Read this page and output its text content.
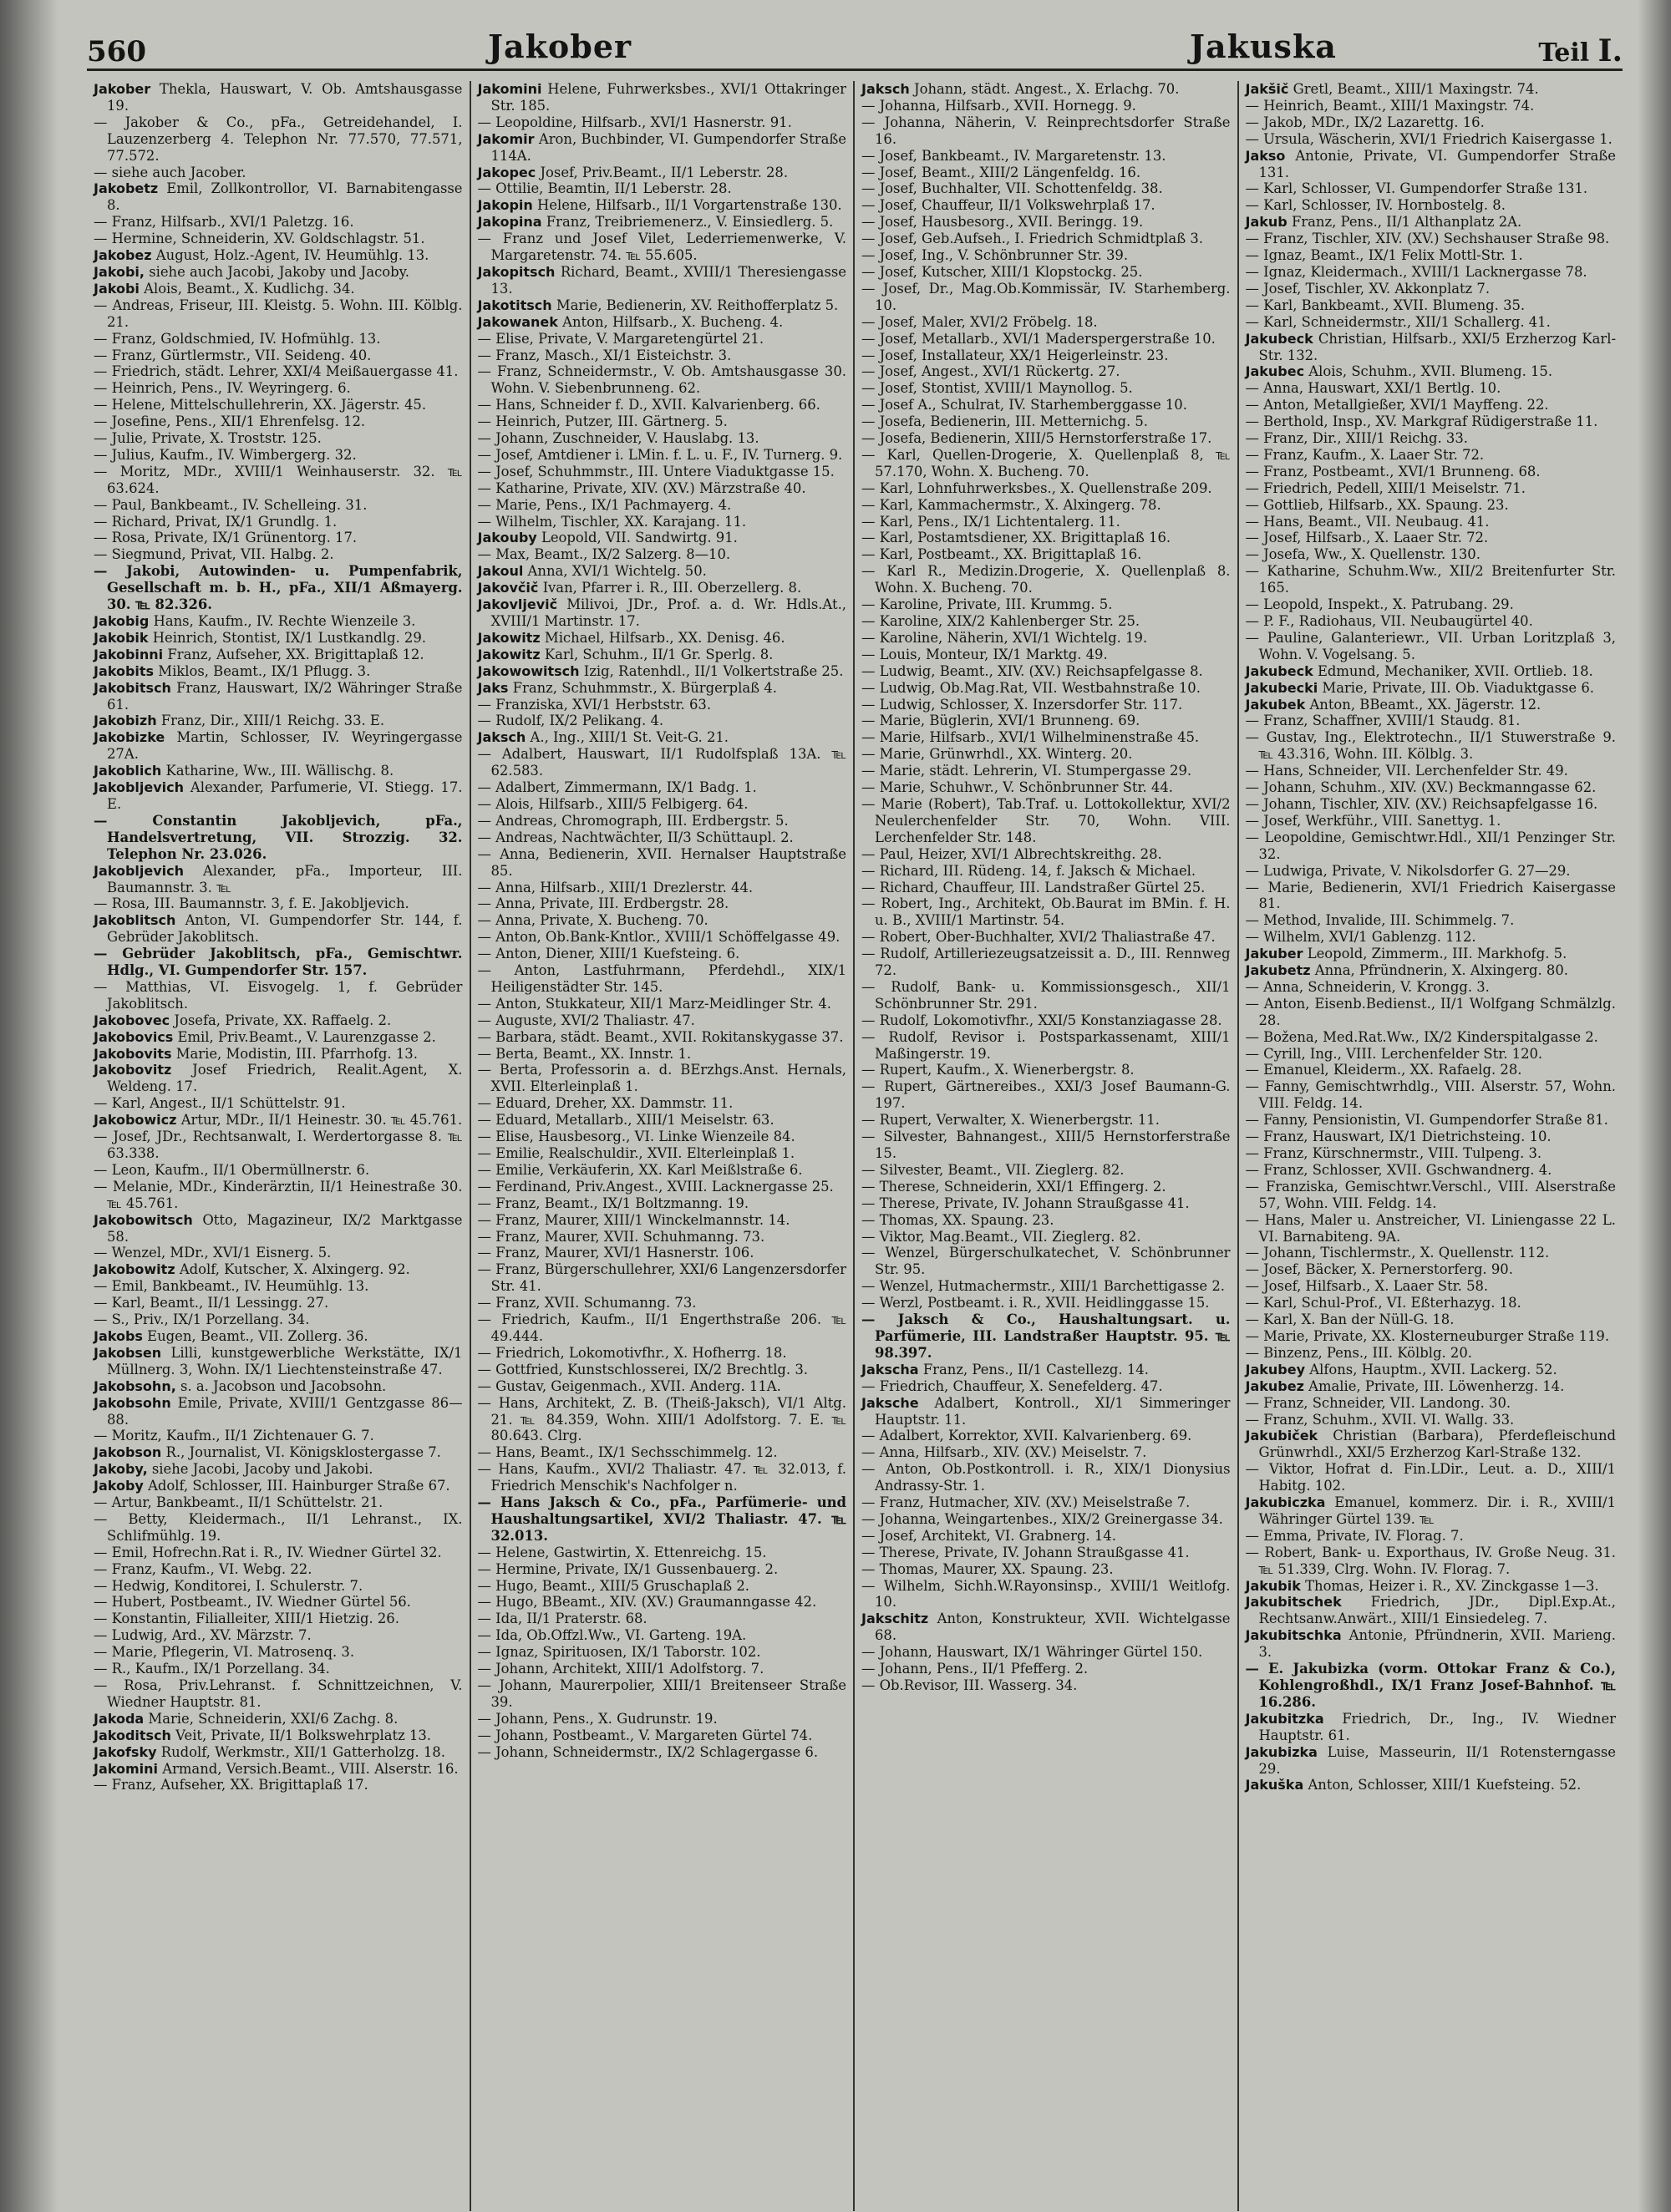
560	Jakober	Jakuska	Teil I.

Jakober Thekla, Hauswart, V. Ob. Amtshausgasse 19.

— Jakober & Co., pFa., Getreidehandel, I. Lauzenzerberg 4. Telephon Nr. 77.570, 77.571, 77.572.

— siehe auch Jacober.

Jakobetz Emil, Zollkontrollor, VI. Barnabitengasse 8.

— Franz, Hilfsarb., XVI/1 Paletzg. 16.

— Hermine, Schneiderin, XV. Goldschlagstr. 51.

Jakobez August, Holz.-Agent, IV. Heumühlg. 13.

Jakobi, siehe auch Jacobi, Jakoby und Jacoby.

Jakobi Alois, Beamt., X. Kudlichg. 34.

— Andreas, Friseur, III. Kleistg. 5. Wohn. III. Kölblg. 21.

— Franz, Goldschmied, IV. Hofmühlg. 13.

— Franz, Gürtlermstr., VII. Seideng. 40.

— Friedrich, städt. Lehrer, XXI/4 Meißauergasse 41.

— Heinrich, Pens., IV. Weyringerg. 6.

— Helene, Mittelschullehrerin, XX. Jägerstr. 45.

— Josefine, Pens., XII/1 Ehrenfelsg. 12.

— Julie, Private, X. Troststr. 125.

— Julius, Kaufm., IV. Wimbergerg. 32.

— Moritz, MDr., XVIII/1 Weinhauserstr. 32. ℡ 63.624.

— Paul, Bankbeamt., IV. Schelleing. 31.

— Richard, Privat, IX/1 Grundlg. 1.

— Rosa, Private, IX/1 Grünentorg. 17.

— Siegmund, Privat, VII. Halbg. 2.

— Jakobi, Autowinden- u. Pumpenfabrik, Gesellschaft m. b. H., pFa., XII/1 Aßmayerg. 30. ℡ 82.326.

Jakobig Hans, Kaufm., IV. Rechte Wienzeile 3.

Jakobik Heinrich, Stontist, IX/1 Lustkandlg. 29.

Jakobinni Franz, Aufseher, XX. Brigittaplaß 12.

Jakobits Miklos, Beamt., IX/1 Pflugg. 3.

Jakobitsch Franz, Hauswart, IX/2 Währinger Straße 61.

Jakobizh Franz, Dir., XIII/1 Reichg. 33. E.

Jakobizke Martin, Schlosser, IV. Weyringergasse 27A.

Jakoblich Katharine, Ww., III. Wällischg. 8.

Jakobljevich Alexander, Parfumerie, VI. Stiegg. 17. E.

— Constantin Jakobljevich, pFa., Handelsvertretung, VII. Strozzig. 32. Telephon Nr. 23.026.

Jakobljevich Alexander, pFa., Importeur, III. Baumannstr. 3. ℡

— Rosa, III. Baumannstr. 3, f. E. Jakobljevich.

Jakoblitsch Anton, VI. Gumpendorfer Str. 144, f. Gebrüder Jakoblitsch.

— Gebrüder Jakoblitsch, pFa., Gemischtwr. Hdlg., VI. Gumpendorfer Str. 157.

— Matthias, VI. Eisvogelg. 1, f. Gebrüder Jakoblitsch.

Jakobovec Josefa, Private, XX. Raffaelg. 2.

Jakobovics Emil, Priv.Beamt., V. Laurenzgasse 2.

Jakobovits Marie, Modistin, III. Pfarrhofg. 13.

Jakobovitz Josef Friedrich, Realit.Agent, X. Weldeng. 17.

— Karl, Angest., II/1 Schüttelstr. 91.

Jakobowicz Artur, MDr., II/1 Heinestr. 30. ℡ 45.761.

— Josef, JDr., Rechtsanwalt, I. Werdertorgasse 8. ℡ 63.338.

— Leon, Kaufm., II/1 Obermüllnerstr. 6.

— Melanie, MDr., Kinderärztin, II/1 Heinestraße 30. ℡ 45.761.

Jakobowitsch Otto, Magazineur, IX/2 Marktgasse 58.

— Wenzel, MDr., XVI/1 Eisnerg. 5.

Jakobowitz Adolf, Kutscher, X. Alxingerg. 92.

— Emil, Bankbeamt., IV. Heumühlg. 13.

— Karl, Beamt., II/1 Lessingg. 27.

— S., Priv., IX/1 Porzellang. 34.

Jakobs Eugen, Beamt., VII. Zollerg. 36.

Jakobsen Lilli, kunstgewerbliche Werkstätte, IX/1 Müllnerg. 3, Wohn. IX/1 Liechtensteinstraße 47.

Jakobsohn, s. a. Jacobson und Jacobsohn.

Jakobsohn Emile, Private, XVIII/1 Gentzgasse 86—88.

— Moritz, Kaufm., II/1 Zichtenauer G. 7.

Jakobson R., Journalist, VI. Königsklostergasse 7.

Jakoby, siehe Jacobi, Jacoby und Jakobi.

Jakoby Adolf, Schlosser, III. Hainburger Straße 67.

— Artur, Bankbeamt., II/1 Schüttelstr. 21.

— Betty, Kleidermach., II/1 Lehranst., IX. Schlifmühlg. 19.

— Emil, Hofrechn.Rat i. R., IV. Wiedner Gürtel 32.

— Franz, Kaufm., VI. Webg. 22.

— Hedwig, Konditorei, I. Schulerstr. 7.

— Hubert, Postbeamt., IV. Wiedner Gürtel 56.

— Konstantin, Filialleiter, XIII/1 Hietzig. 26.

— Ludwig, Ard., XV. Märzstr. 7.

— Marie, Pflegerin, VI. Matrosenq. 3.

— R., Kaufm., IX/1 Porzellang. 34.

— Rosa, Priv.Lehranst. f. Schnittzeichnen, V. Wiedner Hauptstr. 81.

Jakoda Marie, Schneiderin, XXI/6 Zachg. 8.

Jakoditsch Veit, Private, II/1 Bolkswehrplatz 13.

Jakofsky Rudolf, Werkmstr., XII/1 Gatterholzg. 18.

Jakomini Armand, Versich.Beamt., VIII. Alserstr. 16.

— Franz, Aufseher, XX. Brigittaplaß 17.

Jakomini Helene, Fuhrwerksbes., XVI/1 Ottakringer Str. 185.

— Leopoldine, Hilfsarb., XVI/1 Hasnerstr. 91.

Jakomir Aron, Buchbinder, VI. Gumpendorfer Straße 114A.

Jakopec Josef, Priv.Beamt., II/1 Leberstr. 28.

— Ottilie, Beamtin, II/1 Leberstr. 28.

Jakopin Helene, Hilfsarb., II/1 Vorgartenstraße 130.

Jakopina Franz, Treibriemenerz., V. Einsiedlerg. 5.

— Franz und Josef Vilet, Lederriemenwerke, V. Margaretenstr. 74. ℡ 55.605.

Jakopitsch Richard, Beamt., XVIII/1 Theresiengasse 13.

Jakotitsch Marie, Bedienerin, XV. Reithofferplatz 5.

Jakowanek Anton, Hilfsarb., X. Bucheng. 4.

— Elise, Private, V. Margaretengürtel 21.

— Franz, Masch., XI/1 Eisteichstr. 3.

— Franz, Schneidermstr., V. Ob. Amtshausgasse 30. Wohn. V. Siebenbrunneng. 62.

— Hans, Schneider f. D., XVII. Kalvarienberg. 66.

— Heinrich, Putzer, III. Gärtnerg. 5.

— Johann, Zuschneider, V. Hauslabg. 13.

— Josef, Amtdiener i. LMin. f. L. u. F., IV. Turnerg. 9.

— Josef, Schuhmmstr., III. Untere Viaduktgasse 15.

— Katharine, Private, XIV. (XV.) Märzstraße 40.

— Marie, Pens., IX/1 Pachmayerg. 4.

— Wilhelm, Tischler, XX. Karajang. 11.

Jakouby Leopold, VII. Sandwirtg. 91.

— Max, Beamt., IX/2 Salzerg. 8—10.

Jakoul Anna, XVI/1 Wichtelg. 50.

Jakovčič Ivan, Pfarrer i. R., III. Oberzellerg. 8.

Jakovljevič Milivoi, JDr., Prof. a. d. Wr. Hdls.At., XVIII/1 Martinstr. 17.

Jakowitz Michael, Hilfsarb., XX. Denisg. 46.

Jakowitz Karl, Schuhm., II/1 Gr. Sperlg. 8.

Jakowowitsch Izig, Ratenhdl., II/1 Volkertstraße 25.

Jaks Franz, Schuhmmstr., X. Bürgerplaß 4.

— Franziska, XVI/1 Herbststr. 63.

— Rudolf, IX/2 Pelikang. 4.

Jaksch A., Ing., XIII/1 St. Veit-G. 21.

— Adalbert, Hauswart, II/1 Rudolfsplaß 13A. ℡ 62.583.

— Adalbert, Zimmermann, IX/1 Badg. 1.

— Alois, Hilfsarb., XIII/5 Felbigerg. 64.

— Andreas, Chromograph, III. Erdbergstr. 5.

— Andreas, Nachtwächter, II/3 Schüttaupl. 2.

— Anna, Bedienerin, XVII. Hernalser Hauptstraße 85.

— Anna, Hilfsarb., XIII/1 Drezlerstr. 44.

— Anna, Private, III. Erdbergstr. 28.

— Anna, Private, X. Bucheng. 70.

— Anton, Ob.Bank-Kntlor., XVIII/1 Schöffelgasse 49.

— Anton, Diener, XIII/1 Kuefsteing. 6.

— Anton, Lastfuhrmann, Pferdehdl., XIX/1 Heiligenstädter Str. 145.

— Anton, Stukkateur, XII/1 Marz-Meidlinger Str. 4.

— Auguste, XVI/2 Thaliastr. 47.

— Barbara, städt. Beamt., XVII. Rokitanskygasse 37.

— Berta, Beamt., XX. Innstr. 1.

— Berta, Professorin a. d. BErzhgs.Anst. Hernals, XVII. Elterleinplaß 1.

— Eduard, Dreher, XX. Dammstr. 11.

— Eduard, Metallarb., XIII/1 Meiselstr. 63.

— Elise, Hausbesorg., VI. Linke Wienzeile 84.

— Emilie, Realschuldir., XVII. Elterleinplaß 1.

— Emilie, Verkäuferin, XX. Karl Meißlstraße 6.

— Ferdinand, Priv.Angest., XVIII. Lacknergasse 25.

— Franz, Beamt., IX/1 Boltzmanng. 19.

— Franz, Maurer, XIII/1 Winckelmannstr. 14.

— Franz, Maurer, XVII. Schuhmanng. 73.

— Franz, Maurer, XVI/1 Hasnerstr. 106.

— Franz, Bürgerschullehrer, XXI/6 Langenzersdorfer Str. 41.

— Franz, XVII. Schumanng. 73.

— Friedrich, Kaufm., II/1 Engerthstraße 206. ℡ 49.444.

— Friedrich, Lokomotivfhr., X. Hofherrg. 18.

— Gottfried, Kunstschlosserei, IX/2 Brechtlg. 3.

— Gustav, Geigenmach., XVII. Anderg. 11A.

— Hans, Architekt, Z. B. (Theiß-Jaksch), VI/1 Altg. 21. ℡ 84.359, Wohn. XIII/1 Adolfstorg. 7. E. ℡ 80.643. Clrg.

— Hans, Beamt., IX/1 Sechsschimmelg. 12.

— Hans, Kaufm., XVI/2 Thaliastr. 47. ℡ 32.013, f. Friedrich Menschik's Nachfolger n.

— Hans Jaksch & Co., pFa., Parfümerie- und Haushaltungsartikel, XVI/2 Thaliastr. 47. ℡ 32.013.

— Helene, Gastwirtin, X. Ettenreichg. 15.

— Hermine, Private, IX/1 Gussenbauerg. 2.

— Hugo, Beamt., XIII/5 Gruschaplaß 2.

— Hugo, BBeamt., XIV. (XV.) Graumanngasse 42.

— Ida, II/1 Praterstr. 68.

— Ida, Ob.Offzl.Ww., VI. Garteng. 19A.

— Ignaz, Spirituosen, IX/1 Taborstr. 102.

— Johann, Architekt, XIII/1 Adolfstorg. 7.

— Johann, Maurerpolier, XIII/1 Breitenseer Straße 39.

— Johann, Pens., X. Gudrunstr. 19.

— Johann, Postbeamt., V. Margareten Gürtel 74.

— Johann, Schneidermstr., IX/2 Schlagergasse 6.

Jaksch Johann, städt. Angest., X. Erlachg. 70.

— Johanna, Hilfsarb., XVII. Hornegg. 9.

— Johanna, Näherin, V. Reinprechtsdorfer Straße 16.

— Josef, Bankbeamt., IV. Margaretenstr. 13.

— Josef, Beamt., XIII/2 Längenfeldg. 16.

— Josef, Buchhalter, VII. Schottenfeldg. 38.

— Josef, Chauffeur, II/1 Volkswehrplaß 17.

— Josef, Hausbesorg., XVII. Beringg. 19.

— Josef, Geb.Aufseh., I. Friedrich Schmidtplaß 3.

— Josef, Ing., V. Schönbrunner Str. 39.

— Josef, Kutscher, XIII/1 Klopstockg. 25.

— Josef, Dr., Mag.Ob.Kommissär, IV. Starhemberg. 10.

— Josef, Maler, XVI/2 Fröbelg. 18.

— Josef, Metallarb., XVI/1 Maderspergerstraße 10.

— Josef, Installateur, XX/1 Heigerleinstr. 23.

— Josef, Angest., XVI/1 Rückertg. 27.

— Josef, Stontist, XVIII/1 Maynollog. 5.

— Josef A., Schulrat, IV. Starhemberggasse 10.

— Josefa, Bedienerin, III. Metternichg. 5.

— Josefa, Bedienerin, XIII/5 Hernstorferstraße 17.

— Karl, Quellen-Drogerie, X. Quellenplaß 8, ℡ 57.170, Wohn. X. Bucheng. 70.

— Karl, Lohnfuhrwerksbes., X. Quellenstraße 209.

— Karl, Kammachermstr., X. Alxingerg. 78.

— Karl, Pens., IX/1 Lichtentalerg. 11.

— Karl, Postamtsdiener, XX. Brigittaplaß 16.

— Karl, Postbeamt., XX. Brigittaplaß 16.

— Karl R., Medizin.Drogerie, X. Quellenplaß 8. Wohn. X. Bucheng. 70.

— Karoline, Private, III. Krummg. 5.

— Karoline, XIX/2 Kahlenberger Str. 25.

— Karoline, Näherin, XVI/1 Wichtelg. 19.

— Louis, Monteur, IX/1 Marktg. 49.

— Ludwig, Beamt., XIV. (XV.) Reichsapfelgasse 8.

— Ludwig, Ob.Mag.Rat, VII. Westbahnstraße 10.

— Ludwig, Schlosser, X. Inzersdorfer Str. 117.

— Marie, Büglerin, XVI/1 Brunneng. 69.

— Marie, Hilfsarb., XVI/1 Wilhelminenstraße 45.

— Marie, Grünwrhdl., XX. Winterg. 20.

— Marie, städt. Lehrerin, VI. Stumpergasse 29.

— Marie, Schuhwr., V. Schönbrunner Str. 44.

— Marie (Robert), Tab.Traf. u. Lottokollektur, XVI/2 Neulerchenfelder Str. 70, Wohn. VIII. Lerchenfelder Str. 148.

— Paul, Heizer, XVI/1 Albrechtskreithg. 28.

— Richard, III. Rüdeng. 14, f. Jaksch & Michael.

— Richard, Chauffeur, III. Landstraßer Gürtel 25.

— Robert, Ing., Architekt, Ob.Baurat im BMin. f. H. u. B., XVIII/1 Martinstr. 54.

— Robert, Ober-Buchhalter, XVI/2 Thaliastraße 47.

— Rudolf, Artilleriezeugsatzeissit a. D., III. Rennweg 72.

— Rudolf, Bank- u. Kommissionsgesch., XII/1 Schönbrunner Str. 291.

— Rudolf, Lokomotivfhr., XXI/5 Konstanziagasse 28.

— Rudolf, Revisor i. Postsparkassenamt, XIII/1 Maßingerstr. 19.

— Rupert, Kaufm., X. Wienerbergstr. 8.

— Rupert, Gärtnereibes., XXI/3 Josef Baumann-G. 197.

— Rupert, Verwalter, X. Wienerbergstr. 11.

— Silvester, Bahnangest., XIII/5 Hernstorferstraße 15.

— Silvester, Beamt., VII. Zieglerg. 82.

— Therese, Schneiderin, XXI/1 Effingerg. 2.

— Therese, Private, IV. Johann Straußgasse 41.

— Thomas, XX. Spaung. 23.

— Viktor, Mag.Beamt., VII. Zieglerg. 82.

— Wenzel, Bürgerschulkatechet, V. Schönbrunner Str. 95.

— Wenzel, Hutmachermstr., XIII/1 Barchettigasse 2.

— Werzl, Postbeamt. i. R., XVII. Heidlinggasse 15.

— Jaksch & Co., Haushaltungsart. u. Parfümerie, III. Landstraßer Hauptstr. 95. ℡ 98.397.

Jakscha Franz, Pens., II/1 Castellezg. 14.

— Friedrich, Chauffeur, X. Senefelderg. 47.

Jaksche Adalbert, Kontroll., XI/1 Simmeringer Hauptstr. 11.

— Adalbert, Korrektor, XVII. Kalvarienberg. 69.

— Anna, Hilfsarb., XIV. (XV.) Meiselstr. 7.

— Anton, Ob.Postkontroll. i. R., XIX/1 Dionysius Andrassy-Str. 1.

— Franz, Hutmacher, XIV. (XV.) Meiselstraße 7.

— Johanna, Weingartenbes., XIX/2 Greinergasse 34.

— Josef, Architekt, VI. Grabnerg. 14.

— Therese, Private, IV. Johann Straußgasse 41.

— Thomas, Maurer, XX. Spaung. 23.

— Wilhelm, Sichh.W.Rayonsinsp., XVIII/1 Weitlofg. 10.

Jakschitz Anton, Konstrukteur, XVII. Wichtelgasse 68.

— Johann, Hauswart, IX/1 Währinger Gürtel 150.

— Johann, Pens., II/1 Pfefferg. 2.

— Ob.Revisor, III. Wasserg. 34.

Jakšič Gretl, Beamt., XIII/1 Maxingstr. 74.

— Heinrich, Beamt., XIII/1 Maxingstr. 74.

— Jakob, MDr., IX/2 Lazarettg. 16.

— Ursula, Wäscherin, XVI/1 Friedrich Kaisergasse 1.

Jakso Antonie, Private, VI. Gumpendorfer Straße 131.

— Karl, Schlosser, VI. Gumpendorfer Straße 131.

— Karl, Schlosser, IV. Hornbostelg. 8.

Jakub Franz, Pens., II/1 Althanplatz 2A.

— Franz, Tischler, XIV. (XV.) Sechshauser Straße 98.

— Ignaz, Beamt., IX/1 Felix Mottl-Str. 1.

— Ignaz, Kleidermach., XVIII/1 Lacknergasse 78.

— Josef, Tischler, XV. Akkonplatz 7.

— Karl, Bankbeamt., XVII. Blumeng. 35.

— Karl, Schneidermstr., XII/1 Schallerg. 41.

Jakubeck Christian, Hilfsarb., XXI/5 Erzherzog Karl-Str. 132.

Jakubec Alois, Schuhm., XVII. Blumeng. 15.

— Anna, Hauswart, XXI/1 Bertlg. 10.

— Anton, Metallgießer, XVI/1 Mayffeng. 22.

— Berthold, Insp., XV. Markgraf Rüdigerstraße 11.

— Franz, Dir., XIII/1 Reichg. 33.

— Franz, Kaufm., X. Laaer Str. 72.

— Franz, Postbeamt., XVI/1 Brunneng. 68.

— Friedrich, Pedell, XIII/1 Meiselstr. 71.

— Gottlieb, Hilfsarb., XX. Spaung. 23.

— Hans, Beamt., VII. Neubaug. 41.

— Josef, Hilfsarb., X. Laaer Str. 72.

— Josefa, Ww., X. Quellenstr. 130.

— Katharine, Schuhm.Ww., XII/2 Breitenfurter Str. 165.

— Leopold, Inspekt., X. Patrubang. 29.

— P. F., Radiohaus, VII. Neubaugürtel 40.

— Pauline, Galanteriewr., VII. Urban Loritzplaß 3, Wohn. V. Vogelsang. 5.

Jakubeck Edmund, Mechaniker, XVII. Ortlieb. 18.

Jakubecki Marie, Private, III. Ob. Viaduktgasse 6.

Jakubek Anton, BBeamt., XX. Jägerstr. 12.

— Franz, Schaffner, XVIII/1 Staudg. 81.

— Gustav, Ing., Elektrotechn., II/1 Stuwerstraße 9. ℡ 43.316, Wohn. III. Kölblg. 3.

— Hans, Schneider, VII. Lerchenfelder Str. 49.

— Johann, Schuhm., XIV. (XV.) Beckmanngasse 62.

— Johann, Tischler, XIV. (XV.) Reichsapfelgasse 16.

— Josef, Werkführ., VIII. Sanettyg. 1.

— Leopoldine, Gemischtwr.Hdl., XII/1 Penzinger Str. 32.

— Ludwiga, Private, V. Nikolsdorfer G. 27—29.

— Marie, Bedienerin, XVI/1 Friedrich Kaisergasse 81.

— Method, Invalide, III. Schimmelg. 7.

— Wilhelm, XVI/1 Gablenzg. 112.

Jakuber Leopold, Zimmerm., III. Markhofg. 5.

Jakubetz Anna, Pfründnerin, X. Alxingerg. 80.

— Anna, Schneiderin, V. Krongg. 3.

— Anton, Eisenb.Bedienst., II/1 Wolfgang Schmälzlg. 28.

— Božena, Med.Rat.Ww., IX/2 Kinderspitalgasse 2.

— Cyrill, Ing., VIII. Lerchenfelder Str. 120.

— Emanuel, Kleiderm., XX. Rafaelg. 28.

— Fanny, Gemischtwrhdlg., VIII. Alserstr. 57, Wohn. VIII. Feldg. 14.

— Fanny, Pensionistin, VI. Gumpendorfer Straße 81.

— Franz, Hauswart, IX/1 Dietrichsteing. 10.

— Franz, Kürschnermstr., VIII. Tulpeng. 3.

— Franz, Schlosser, XVII. Gschwandnerg. 4.

— Franziska, Gemischtwr.Verschl., VIII. Alserstraße 57, Wohn. VIII. Feldg. 14.

— Hans, Maler u. Anstreicher, VI. Liniengasse 22 L. VI. Barnabiteng. 9A.

— Johann, Tischlermstr., X. Quellenstr. 112.

— Josef, Bäcker, X. Pernerstorferg. 90.

— Josef, Hilfsarb., X. Laaer Str. 58.

— Karl, Schul-Prof., VI. Eßterhazyg. 18.

— Karl, X. Ban der Nüll-G. 18.

— Marie, Private, XX. Klosterneuburger Straße 119.

— Binzenz, Pens., III. Kölblg. 20.

Jakubey Alfons, Hauptm., XVII. Lackerg. 52.

Jakubez Amalie, Private, III. Löwenherzg. 14.

— Franz, Schneider, VII. Landong. 30.

— Franz, Schuhm., XVII. VI. Wallg. 33.

Jakubiček Christian (Barbara), Pferdefleischund Grünwrhdl., XXI/5 Erzherzog Karl-Straße 132.

— Viktor, Hofrat d. Fin.LDir., Leut. a. D., XIII/1 Habitg. 102.

Jakubiczka Emanuel, kommerz. Dir. i. R., XVIII/1 Währinger Gürtel 139. ℡

— Emma, Private, IV. Florag. 7.

— Robert, Bank- u. Exporthaus, IV. Große Neug. 31. ℡ 51.339, Clrg. Wohn. IV. Florag. 7.

Jakubik Thomas, Heizer i. R., XV. Zinckgasse 1—3.

Jakubitschek Friedrich, JDr., Dipl.Exp.At., Rechtsanw.Anwärt., XIII/1 Einsiedeleg. 7.

Jakubitschka Antonie, Pfründnerin, XVII. Marieng. 3.

— E. Jakubizka (vorm. Ottokar Franz & Co.), Kohlengroßhdl., IX/1 Franz Josef-Bahnhof. ℡ 16.286.

Jakubitzka Friedrich, Dr., Ing., IV. Wiedner Hauptstr. 61.

Jakubizka Luise, Masseurin, II/1 Rotensterngasse 29.

Jakuška Anton, Schlosser, XIII/1 Kuefsteing. 52.
